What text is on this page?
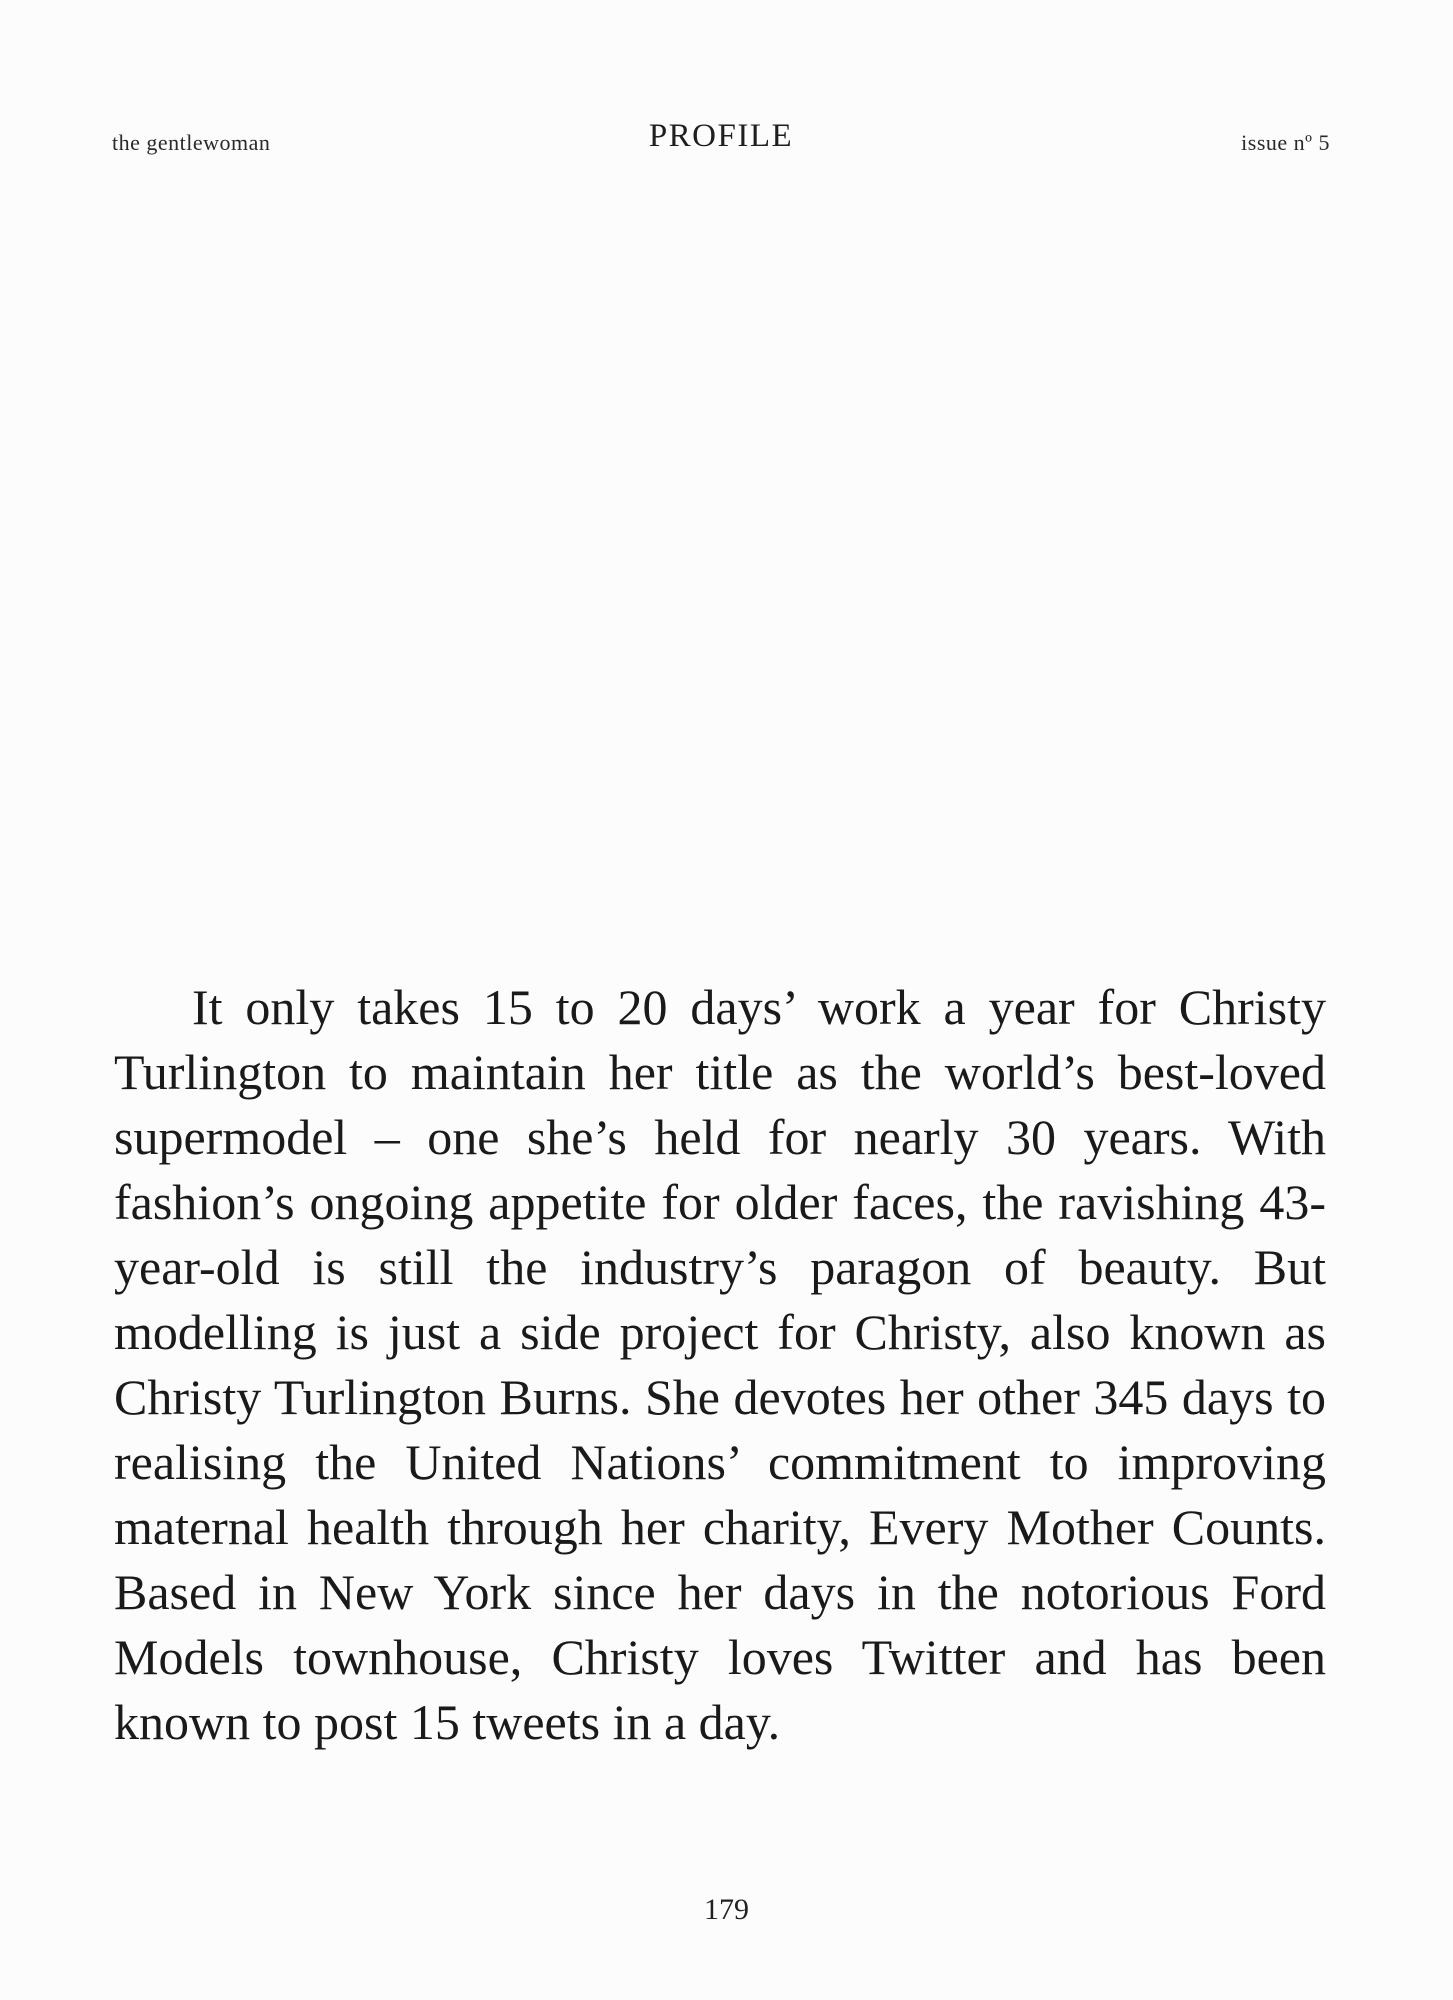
the gentlewoman	PROFILE	issue nº 5

It only takes 15 to 20 days’ work a year for Christy Turlington to maintain her title as the world’s best-loved supermodel – one she’s held for nearly 30 years. With fashion’s ongoing appetite for older faces, the ravishing 43-year-old is still the industry’s paragon of beauty. But modelling is just a side project for Christy, also known as Christy Turlington Burns. She devotes her other 345 days to realising the United Nations’ commitment to improving maternal health through her charity, Every Mother Counts. Based in New York since her days in the notorious Ford Models townhouse, Christy loves Twitter and has been known to post 15 tweets in a day.

179
